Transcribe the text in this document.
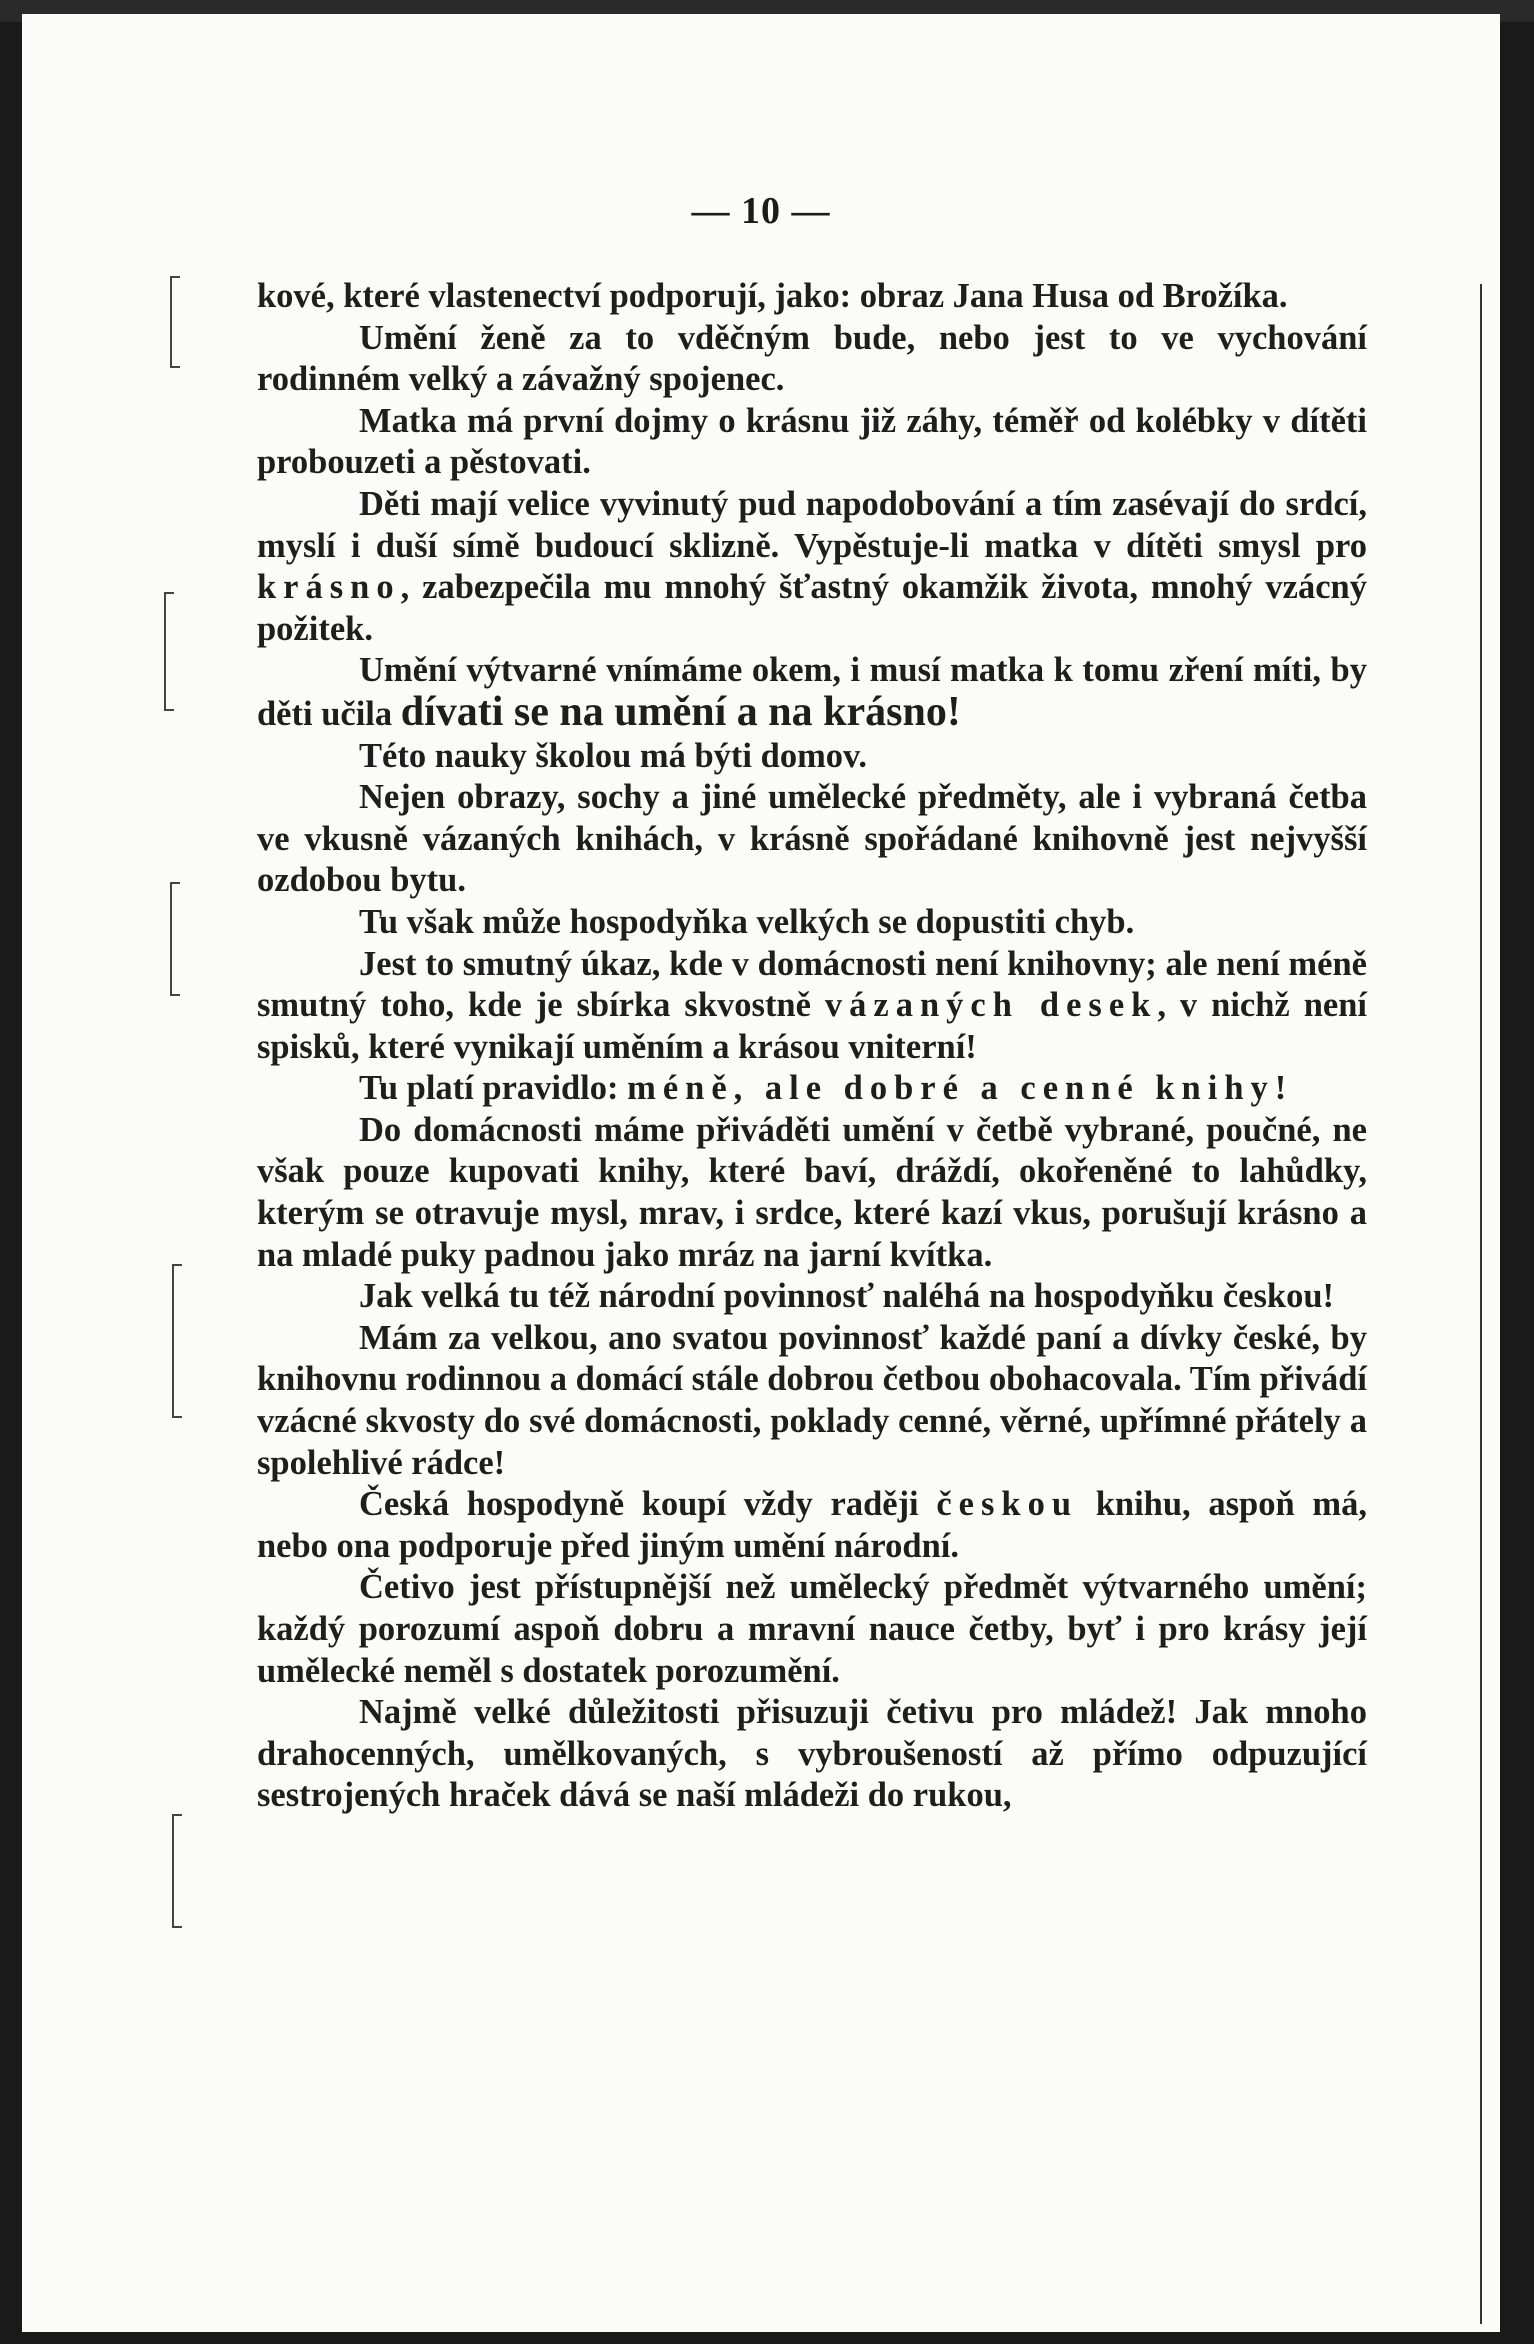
— 10 —

kové, které vlastenectví podporují, jako: obraz Jana Husa od Brožíka.

Umění ženě za to vděčným bude, nebo jest to ve vychování rodinném velký a závažný spojenec.

Matka má první dojmy o krásnu již záhy, téměř od kolébky v dítěti probouzeti a pěstovati.

Děti mají velice vyvinutý pud napodobování a tím zasévají do srdcí, myslí i duší símě budoucí sklizně. Vypěstuje-li matka v dítěti smysl pro krásno, zabezpečila mu mnohý šťastný okamžik života, mnohý vzácný požitek.

Umění výtvarné vnímáme okem, i musí matka k tomu zření míti, by děti učila dívati se na umění a na krásno!

Této nauky školou má býti domov.

Nejen obrazy, sochy a jiné umělecké předměty, ale i vybraná četba ve vkusně vázaných knihách, v krásně spořádané knihovně jest nejvyšší ozdobou bytu.

Tu však může hospodyňka velkých se dopustiti chyb.

Jest to smutný úkaz, kde v domácnosti není knihovny; ale není méně smutný toho, kde je sbírka skvostně vázaných desek, v nichž není spisků, které vynikají uměním a krásou vniterní!

Tu platí pravidlo: méně, ale dobré a cenné knihy!

Do domácnosti máme přiváděti umění v četbě vybrané, poučné, ne však pouze kupovati knihy, které baví, dráždí, okořeněné to lahůdky, kterým se otravuje mysl, mrav, i srdce, které kazí vkus, porušují krásno a na mladé puky padnou jako mráz na jarní kvítka.

Jak velká tu též národní povinnosť naléhá na hospodyňku českou!

Mám za velkou, ano svatou povinnosť každé paní a dívky české, by knihovnu rodinnou a domácí stále dobrou četbou obohacovala. Tím přivádí vzácné skvosty do své domácnosti, poklady cenné, věrné, upřímné přátely a spolehlivé rádce!

Česká hospodyně koupí vždy raději českou knihu, aspoň má, nebo ona podporuje před jiným umění národní.

Četivo jest přístupnější než umělecký předmět výtvarného umění; každý porozumí aspoň dobru a mravní nauce četby, byť i pro krásy její umělecké neměl s dostatek porozumění.

Najmě velké důležitosti přisuzuji četivu pro mládež! Jak mnoho drahocenných, umělkovaných, s vybroušeností až přímo odpuzující sestrojených hraček dává se naší mládeži do rukou,
